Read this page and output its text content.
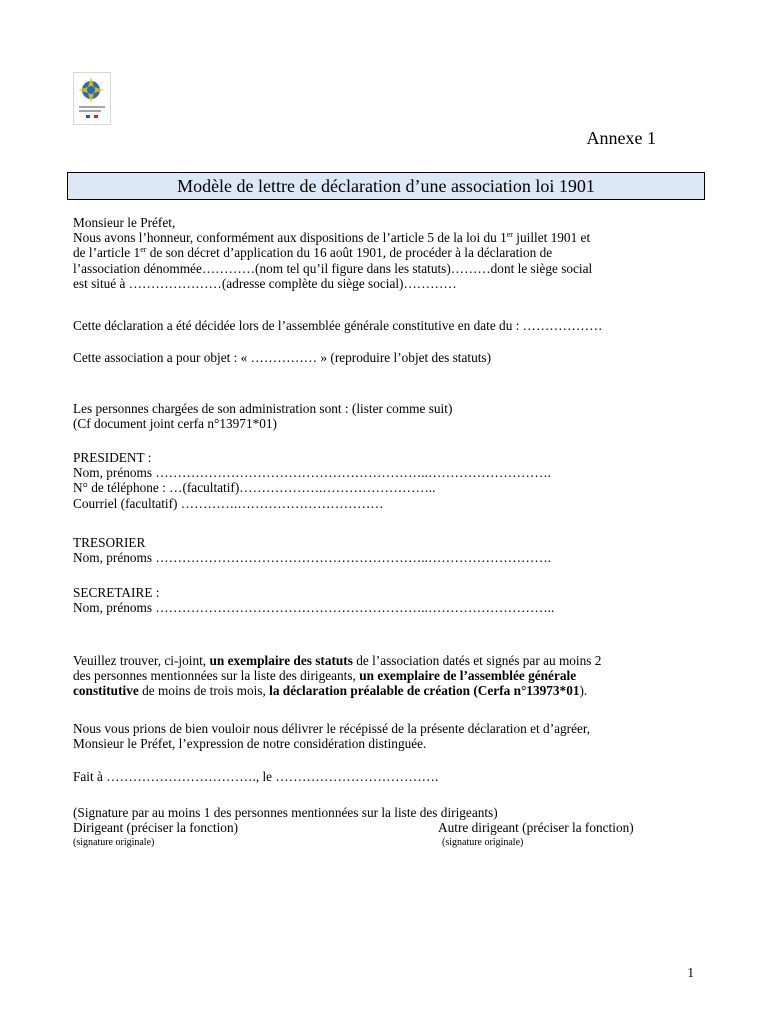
Annexe 1
Modèle de lettre de déclaration d’une association loi 1901
Monsieur le Préfet,
Nous avons l’honneur, conformément aux dispositions de l’article 5 de la loi du 1er juillet 1901 et
de l’article 1er de son décret d’application du 16 août 1901, de procéder à la déclaration de
l’association dénommée…………(nom tel qu’il figure dans les statuts)………dont le siège social
est situé à …………………(adresse complète du siège social)…………
Cette déclaration a été décidée lors de l’assemblée générale constitutive en date du : ………………
Cette association a pour objet : « …………… » (reproduire l’objet des statuts)
Les personnes chargées de son administration sont : (lister comme suit)
(Cf document joint cerfa n°13971*01)
PRESIDENT :
Nom, prénoms ……………………………………………………..……………………….
N° de téléphone : …(facultatif)……………….……………………..
Courriel (facultatif) ………….……………………………
TRESORIER
Nom, prénoms ……………………………………………………..……………………….
SECRETAIRE :
Nom, prénoms ……………………………………………………..………………………..
Veuillez trouver, ci-joint, un exemplaire des statuts de l’association datés et signés par au moins 2
des personnes mentionnées sur la liste des dirigeants, un exemplaire de l’assemblée générale
constitutive de moins de trois mois, la déclaration préalable de création (Cerfa n°13973*01).
Nous vous prions de bien vouloir nous délivrer le récépissé de la présente déclaration et d’agréer,
Monsieur le Préfet, l’expression de notre considération distinguée.
Fait à ……………………………., le ……………………………….
(Signature par au moins 1 des personnes mentionnées sur la liste des dirigeants)
Dirigeant (préciser la fonction)	Autre dirigeant (préciser la fonction)
(signature originale)	(signature originale)
1
